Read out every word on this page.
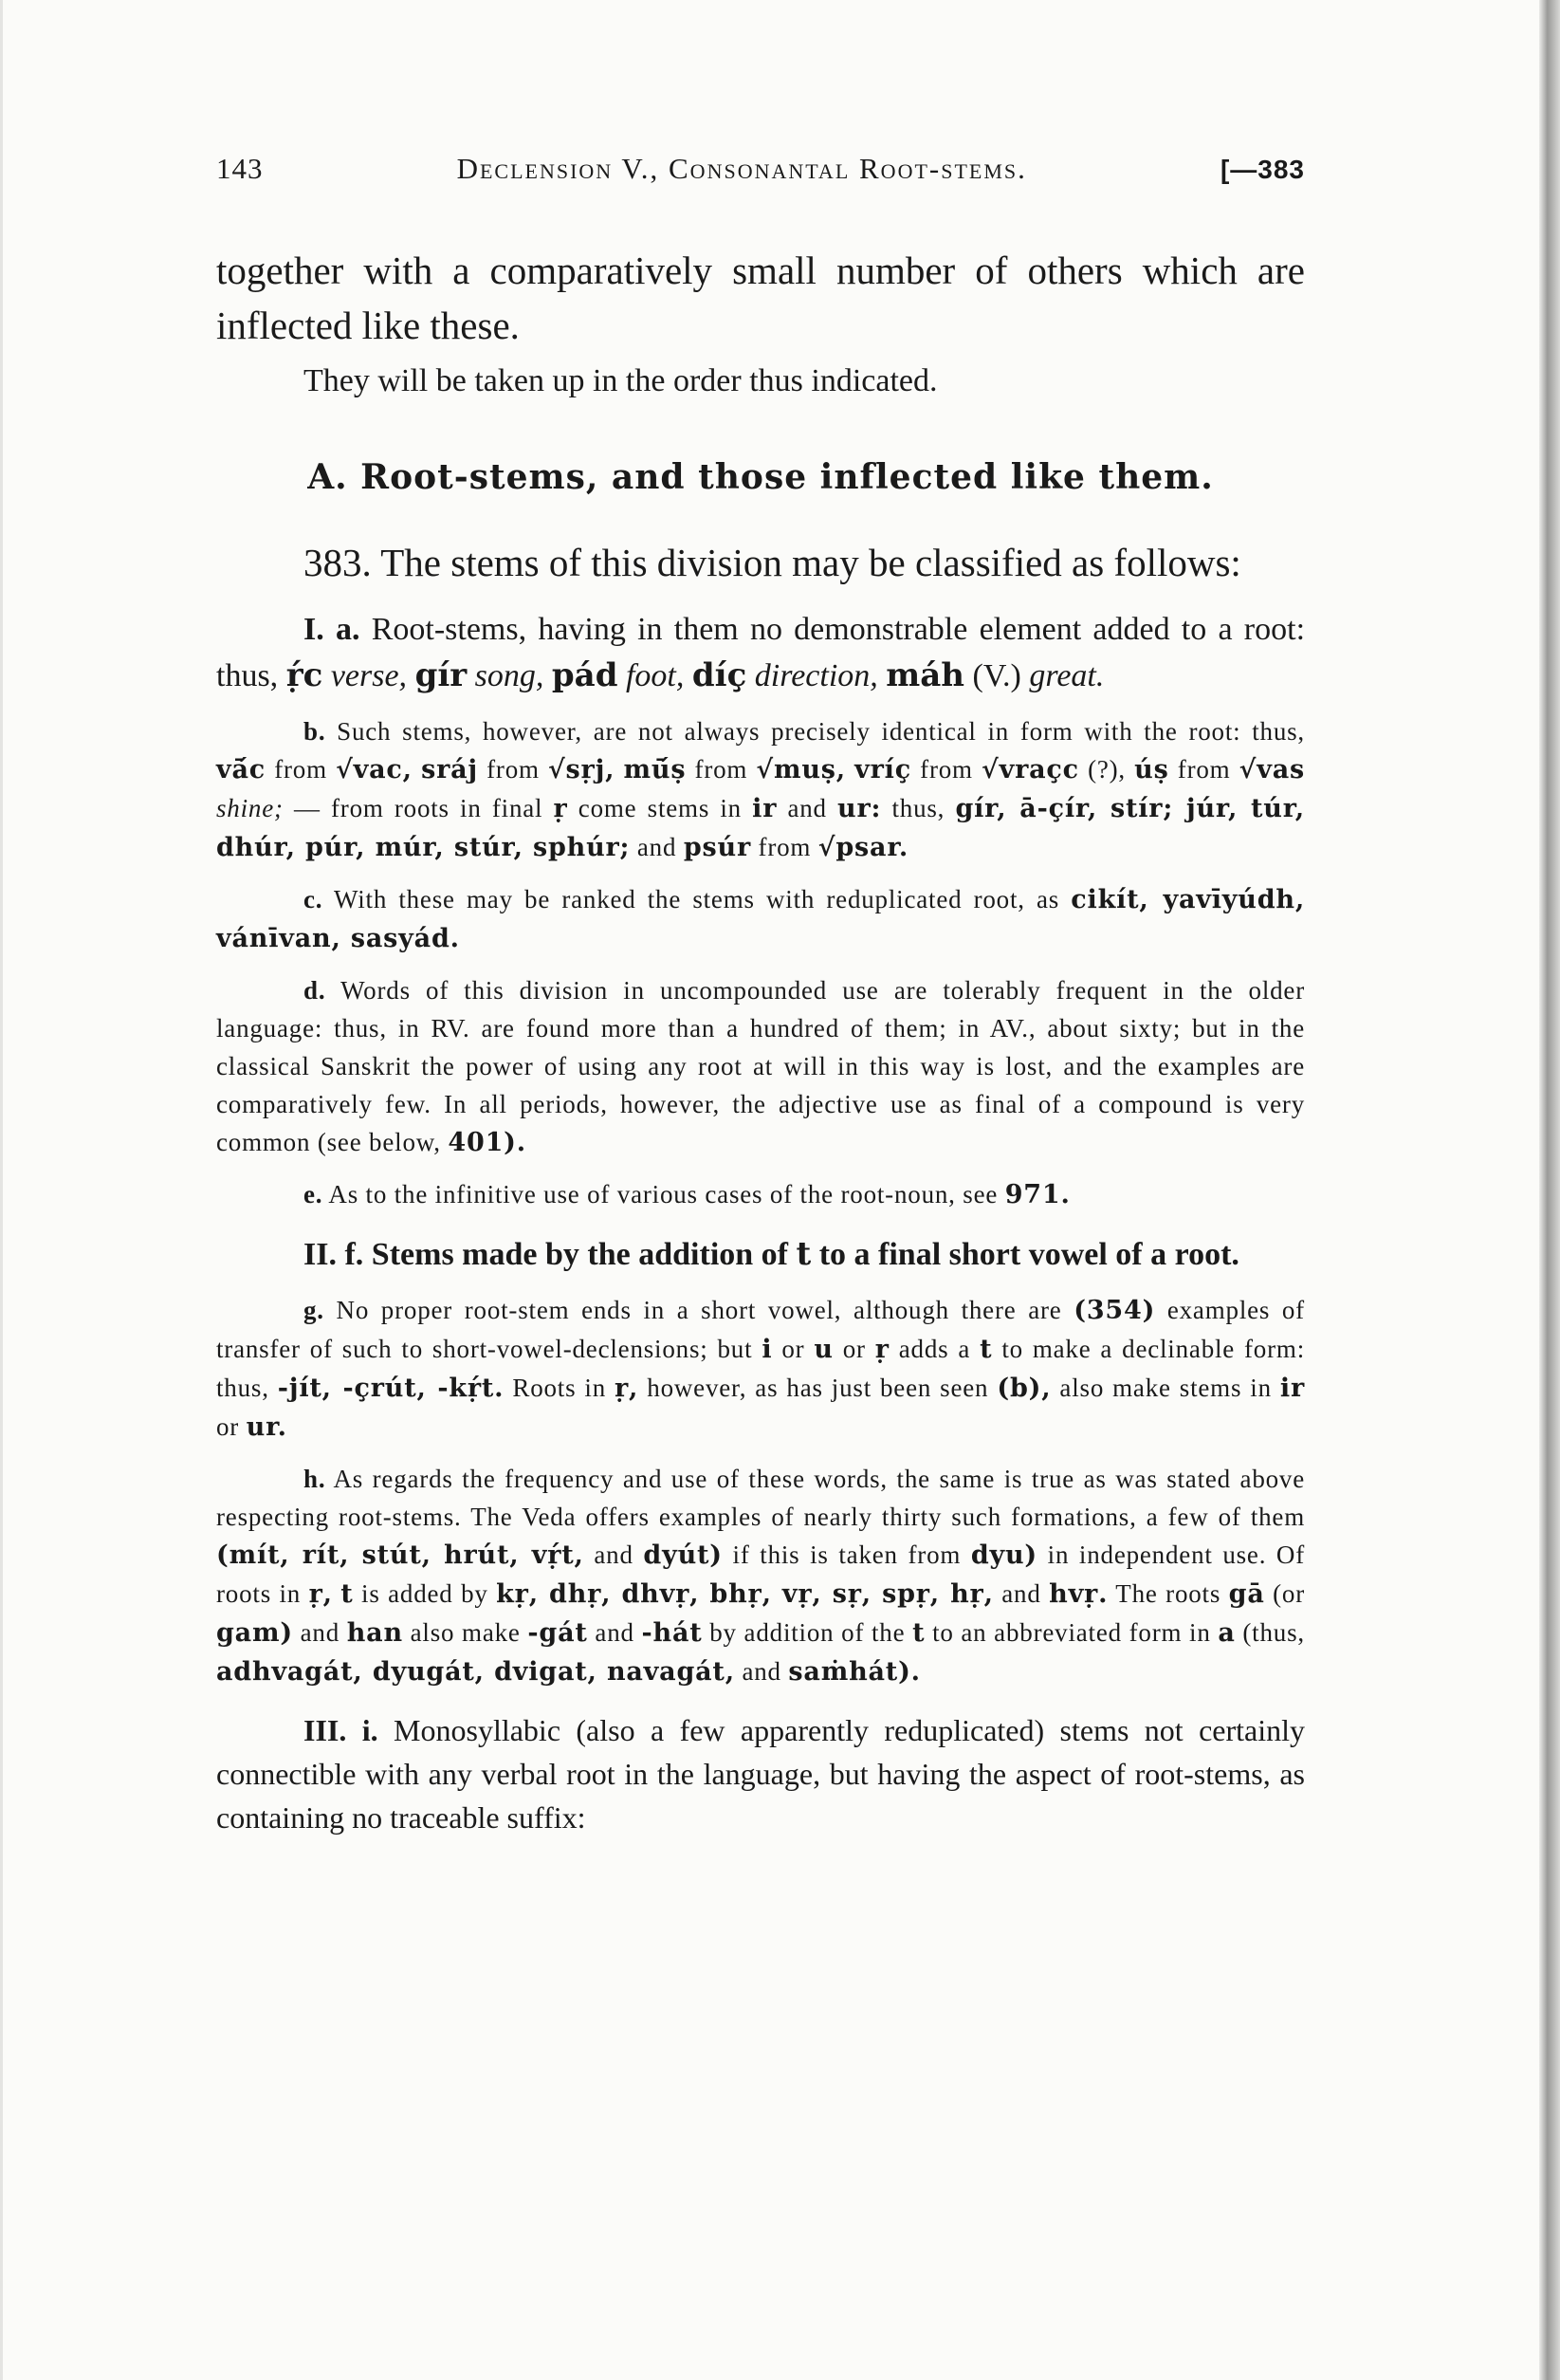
143	Declension V., Consonantal Root-stems.	[—383

together with a comparatively small number of others which are inflected like these.

They will be taken up in the order thus indicated.

A. Root-stems, and those inflected like them.

383. The stems of this division may be classified as follows:

I. a. Root-stems, having in them no demonstrable element added to a root: thus, ṛ́c verse, gír song, pád foot, díç direction, máh (V.) great.

b. Such stems, however, are not always precisely identical in form with the root: thus, vā́c from √vac, sráj from √sṛj, mū́ṣ from √muṣ, vríç from √vraçc (?), úṣ from √vas shine; — from roots in final ṛ come stems in ir and ur: thus, gír, ā-çír, stír; júr, túr, dhúr, púr, múr, stúr, sphúr; and psúr from √psar.

c. With these may be ranked the stems with reduplicated root, as cikít, yavīyúdh, vánīvan, sasyád.

d. Words of this division in uncompounded use are tolerably frequent in the older language: thus, in RV. are found more than a hundred of them; in AV., about sixty; but in the classical Sanskrit the power of using any root at will in this way is lost, and the examples are comparatively few. In all periods, however, the adjective use as final of a compound is very common (see below, 401).

e. As to the infinitive use of various cases of the root-noun, see 971.

II. f. Stems made by the addition of t to a final short vowel of a root.

g. No proper root-stem ends in a short vowel, although there are (354) examples of transfer of such to short-vowel-declensions; but i or u or ṛ adds a t to make a declinable form: thus, -jít, -çrút, -kṛ́t. Roots in ṛ, however, as has just been seen (b), also make stems in ir or ur.

h. As regards the frequency and use of these words, the same is true as was stated above respecting root-stems. The Veda offers examples of nearly thirty such formations, a few of them (mít, rít, stút, hrút, vṛ́t, and dyút) if this is taken from dyu) in independent use. Of roots in ṛ, t is added by kṛ, dhṛ, dhvṛ, bhṛ, vṛ, sṛ, spṛ, hṛ, and hvṛ. The roots gā (or gam) and han also make -gát and -hát by addition of the t to an abbreviated form in a (thus, adhvagát, dyugát, dvigat, navagát, and saṁhát).

III. i. Monosyllabic (also a few apparently reduplicated) stems not certainly connectible with any verbal root in the language, but having the aspect of root-stems, as containing no traceable suffix:
